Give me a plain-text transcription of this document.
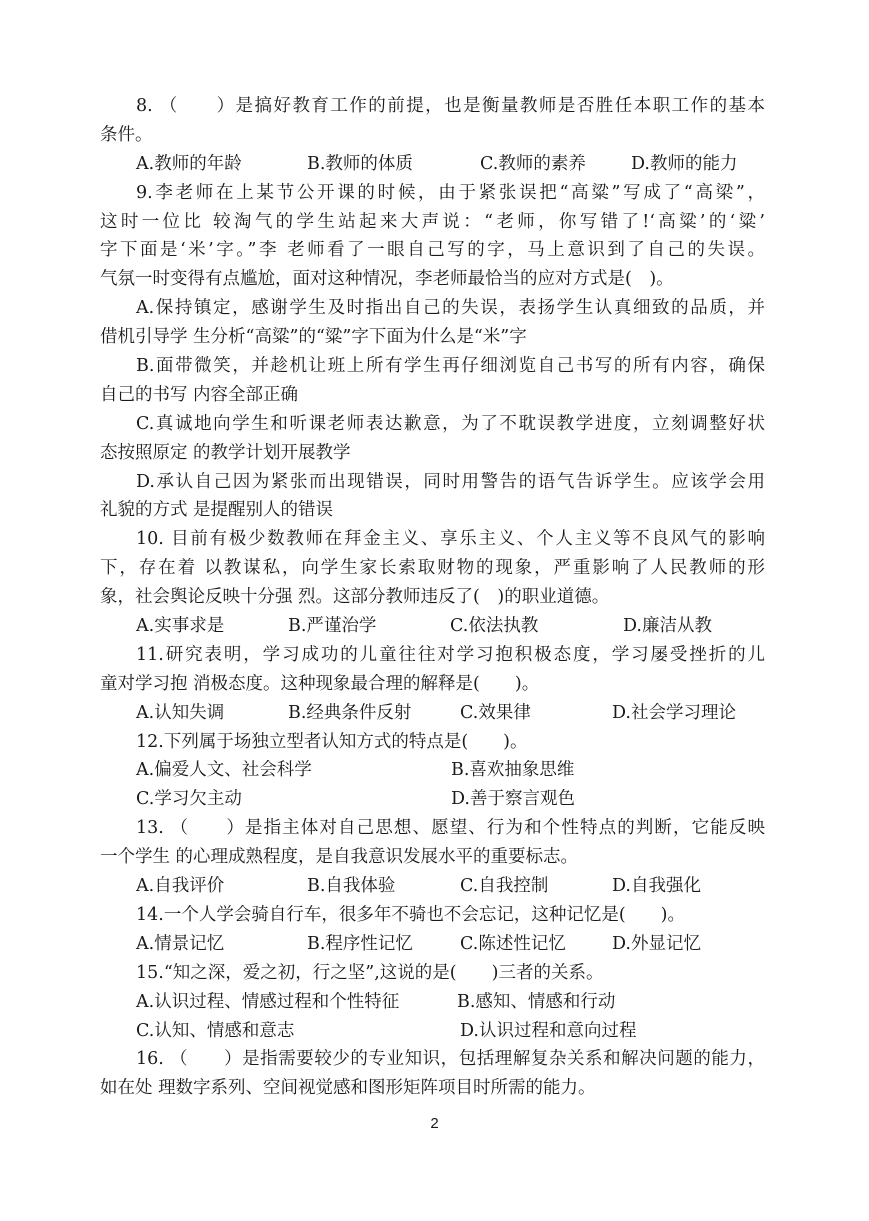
8. （　　）是搞好教育工作的前提，也是衡量教师是否胜任本职工作的基本
条件。
A.教师的年龄	B.教师的体质	C.教师的素养	D.教师的能力
9.李老师在上某节公开课的时候，由于紧张误把“高粱”写成了“高梁”，
这时一位比 较淘气的学生站起来大声说：“老师，你写错了!‘高粱’的‘粱’
字下面是‘米’字。”李 老师看了一眼自己写的字，马上意识到了自己的失误。
气氛一时变得有点尴尬，面对这种情况，李老师最恰当的应对方式是(　)。
A.保持镇定，感谢学生及时指出自己的失误，表扬学生认真细致的品质，并
借机引导学 生分析“高粱”的“粱”字下面为什么是“米”字
B.面带微笑，并趁机让班上所有学生再仔细浏览自己书写的所有内容，确保
自己的书写 内容全部正确
C.真诚地向学生和听课老师表达歉意，为了不耽误教学进度，立刻调整好状
态按照原定 的教学计划开展教学
D.承认自己因为紧张而出现错误，同时用警告的语气告诉学生。应该学会用
礼貌的方式 是提醒别人的错误
10. 目前有极少数教师在拜金主义、享乐主义、个人主义等不良风气的影响
下，存在着 以教谋私，向学生家长索取财物的现象，严重影响了人民教师的形
象，社会舆论反映十分强 烈。这部分教师违反了(　)的职业道德。
A.实事求是	B.严谨治学	C.依法执教	D.廉洁从教
11.研究表明，学习成功的儿童往往对学习抱积极态度，学习屡受挫折的儿
童对学习抱 消极态度。这种现象最合理的解释是(　　)。
A.认知失调	B.经典条件反射	C.效果律	D.社会学习理论
12.下列属于场独立型者认知方式的特点是(　　)。
A.偏爱人文、社会科学	B.喜欢抽象思维
C.学习欠主动	D.善于察言观色
13. （　　）是指主体对自己思想、愿望、行为和个性特点的判断，它能反映
一个学生 的心理成熟程度，是自我意识发展水平的重要标志。
A.自我评价	B.自我体验	C.自我控制	D.自我强化
14.一个人学会骑自行车，很多年不骑也不会忘记，这种记忆是(　　)。
A.情景记忆	B.程序性记忆	C.陈述性记忆	D.外显记忆
15.“知之深，爱之初，行之坚”,这说的是(　　)三者的关系。
A.认识过程、情感过程和个性特征	B.感知、情感和行动
C.认知、情感和意志	D.认识过程和意向过程
16. （　　）是指需要较少的专业知识，包括理解复杂关系和解决问题的能力，
如在处 理数字系列、空间视觉感和图形矩阵项目时所需的能力。
2
